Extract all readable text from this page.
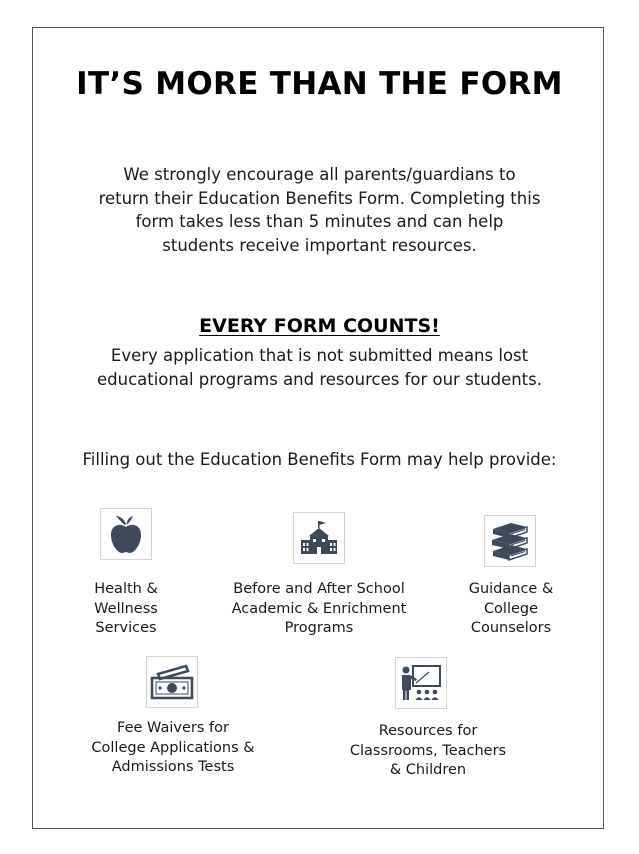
IT’S MORE THAN THE FORM

We strongly encourage all parents/guardians to
return their Education Benefits Form. Completing this
form takes less than 5 minutes and can help
students receive important resources.

EVERY FORM COUNTS!

Every application that is not submitted means lost
educational programs and resources for our students.

Filling out the Education Benefits Form may help provide:

Health &
Wellness
Services
Before and After School
Academic & Enrichment
Programs
Guidance &
College
Counselors
Fee Waivers for
College Applications &
Admissions Tests
Resources for
Classrooms, Teachers
& Children
